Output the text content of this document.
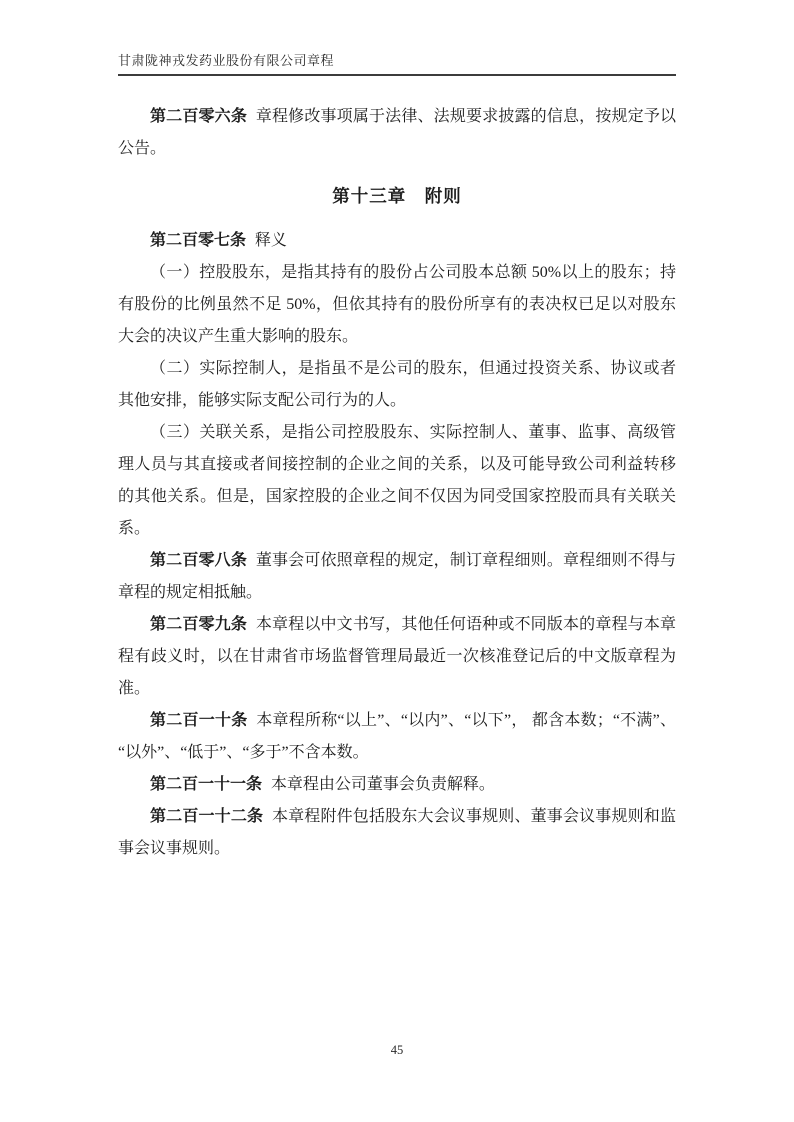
甘肃陇神戎发药业股份有限公司章程

第二百零六条 章程修改事项属于法律、法规要求披露的信息，按规定予以公告。

第十三章　附则

第二百零七条 释义

（一）控股股东，是指其持有的股份占公司股本总额 50%以上的股东；持有股份的比例虽然不足 50%，但依其持有的股份所享有的表决权已足以对股东大会的决议产生重大影响的股东。

（二）实际控制人，是指虽不是公司的股东，但通过投资关系、协议或者其他安排，能够实际支配公司行为的人。

（三）关联关系，是指公司控股股东、实际控制人、董事、监事、高级管理人员与其直接或者间接控制的企业之间的关系，以及可能导致公司利益转移的其他关系。但是，国家控股的企业之间不仅因为同受国家控股而具有关联关系。

第二百零八条 董事会可依照章程的规定，制订章程细则。章程细则不得与章程的规定相抵触。

第二百零九条 本章程以中文书写，其他任何语种或不同版本的章程与本章程有歧义时，以在甘肃省市场监督管理局最近一次核准登记后的中文版章程为准。

第二百一十条 本章程所称“以上”、“以内”、“以下”， 都含本数；“不满”、“以外”、“低于”、“多于”不含本数。

第二百一十一条 本章程由公司董事会负责解释。

第二百一十二条 本章程附件包括股东大会议事规则、董事会议事规则和监事会议事规则。

45
